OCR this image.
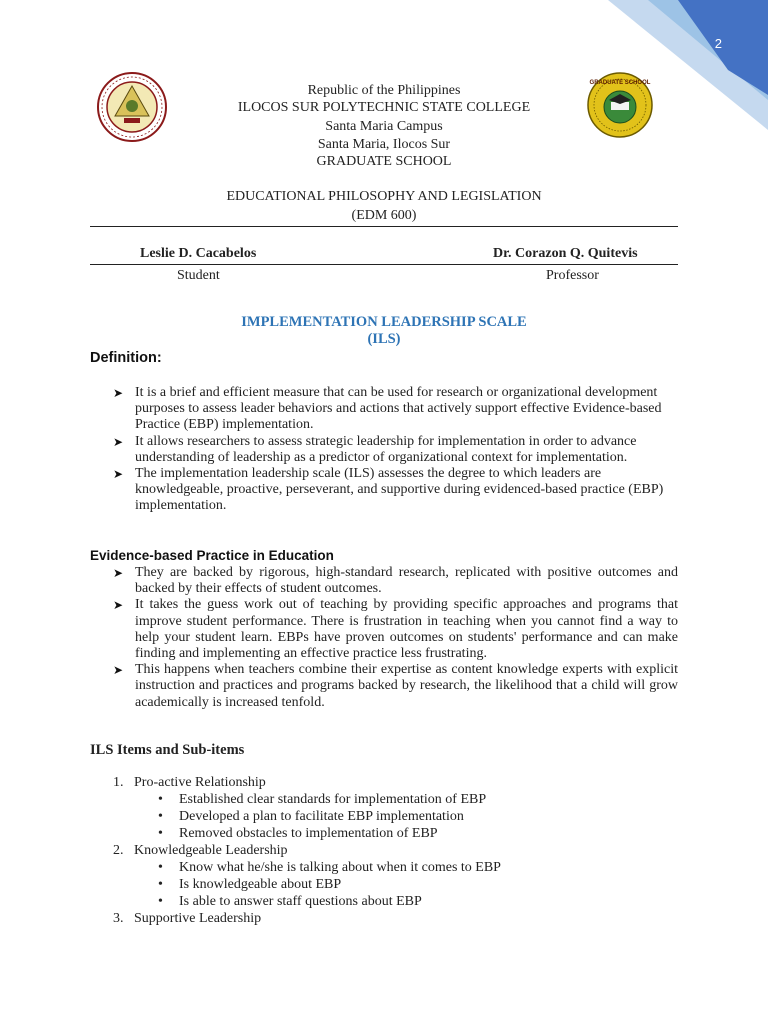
2
GRADUATE SCHOOL
Republic of the Philippines
ILOCOS SUR POLYTECHNIC STATE COLLEGE
Santa Maria Campus
Santa Maria, Ilocos Sur
GRADUATE SCHOOL
EDUCATIONAL PHILOSOPHY AND LEGISLATION
(EDM 600)
Leslie D. Cacabelos	Dr. Corazon Q. Quitevis
Student	Professor
IMPLEMENTATION LEADERSHIP SCALE
(ILS)
Definition:
➤ It is a brief and efficient measure that can be used for research or organizational development purposes to assess leader behaviors and actions that actively support effective Evidence-based Practice (EBP) implementation.
➤ It allows researchers to assess strategic leadership for implementation in order to advance understanding of leadership as a predictor of organizational context for implementation.
➤ The implementation leadership scale (ILS) assesses the degree to which leaders are knowledgeable, proactive, perseverant, and supportive during evidenced-based practice (EBP) implementation.
Evidence-based Practice in Education
➤ They are backed by rigorous, high-standard research, replicated with positive outcomes and backed by their effects of student outcomes.
➤ It takes the guess work out of teaching by providing specific approaches and programs that improve student performance. There is frustration in teaching when you cannot find a way to help your student learn. EBPs have proven outcomes on students' performance and can make finding and implementing an effective practice less frustrating.
➤ This happens when teachers combine their expertise as content knowledge experts with explicit instruction and practices and programs backed by research, the likelihood that a child will grow academically is increased tenfold.
ILS Items and Sub-items
1. Pro-active Relationship
• Established clear standards for implementation of EBP
• Developed a plan to facilitate EBP implementation
• Removed obstacles to implementation of EBP
2. Knowledgeable Leadership
• Know what he/she is talking about when it comes to EBP
• Is knowledgeable about EBP
• Is able to answer staff questions about EBP
3. Supportive Leadership
